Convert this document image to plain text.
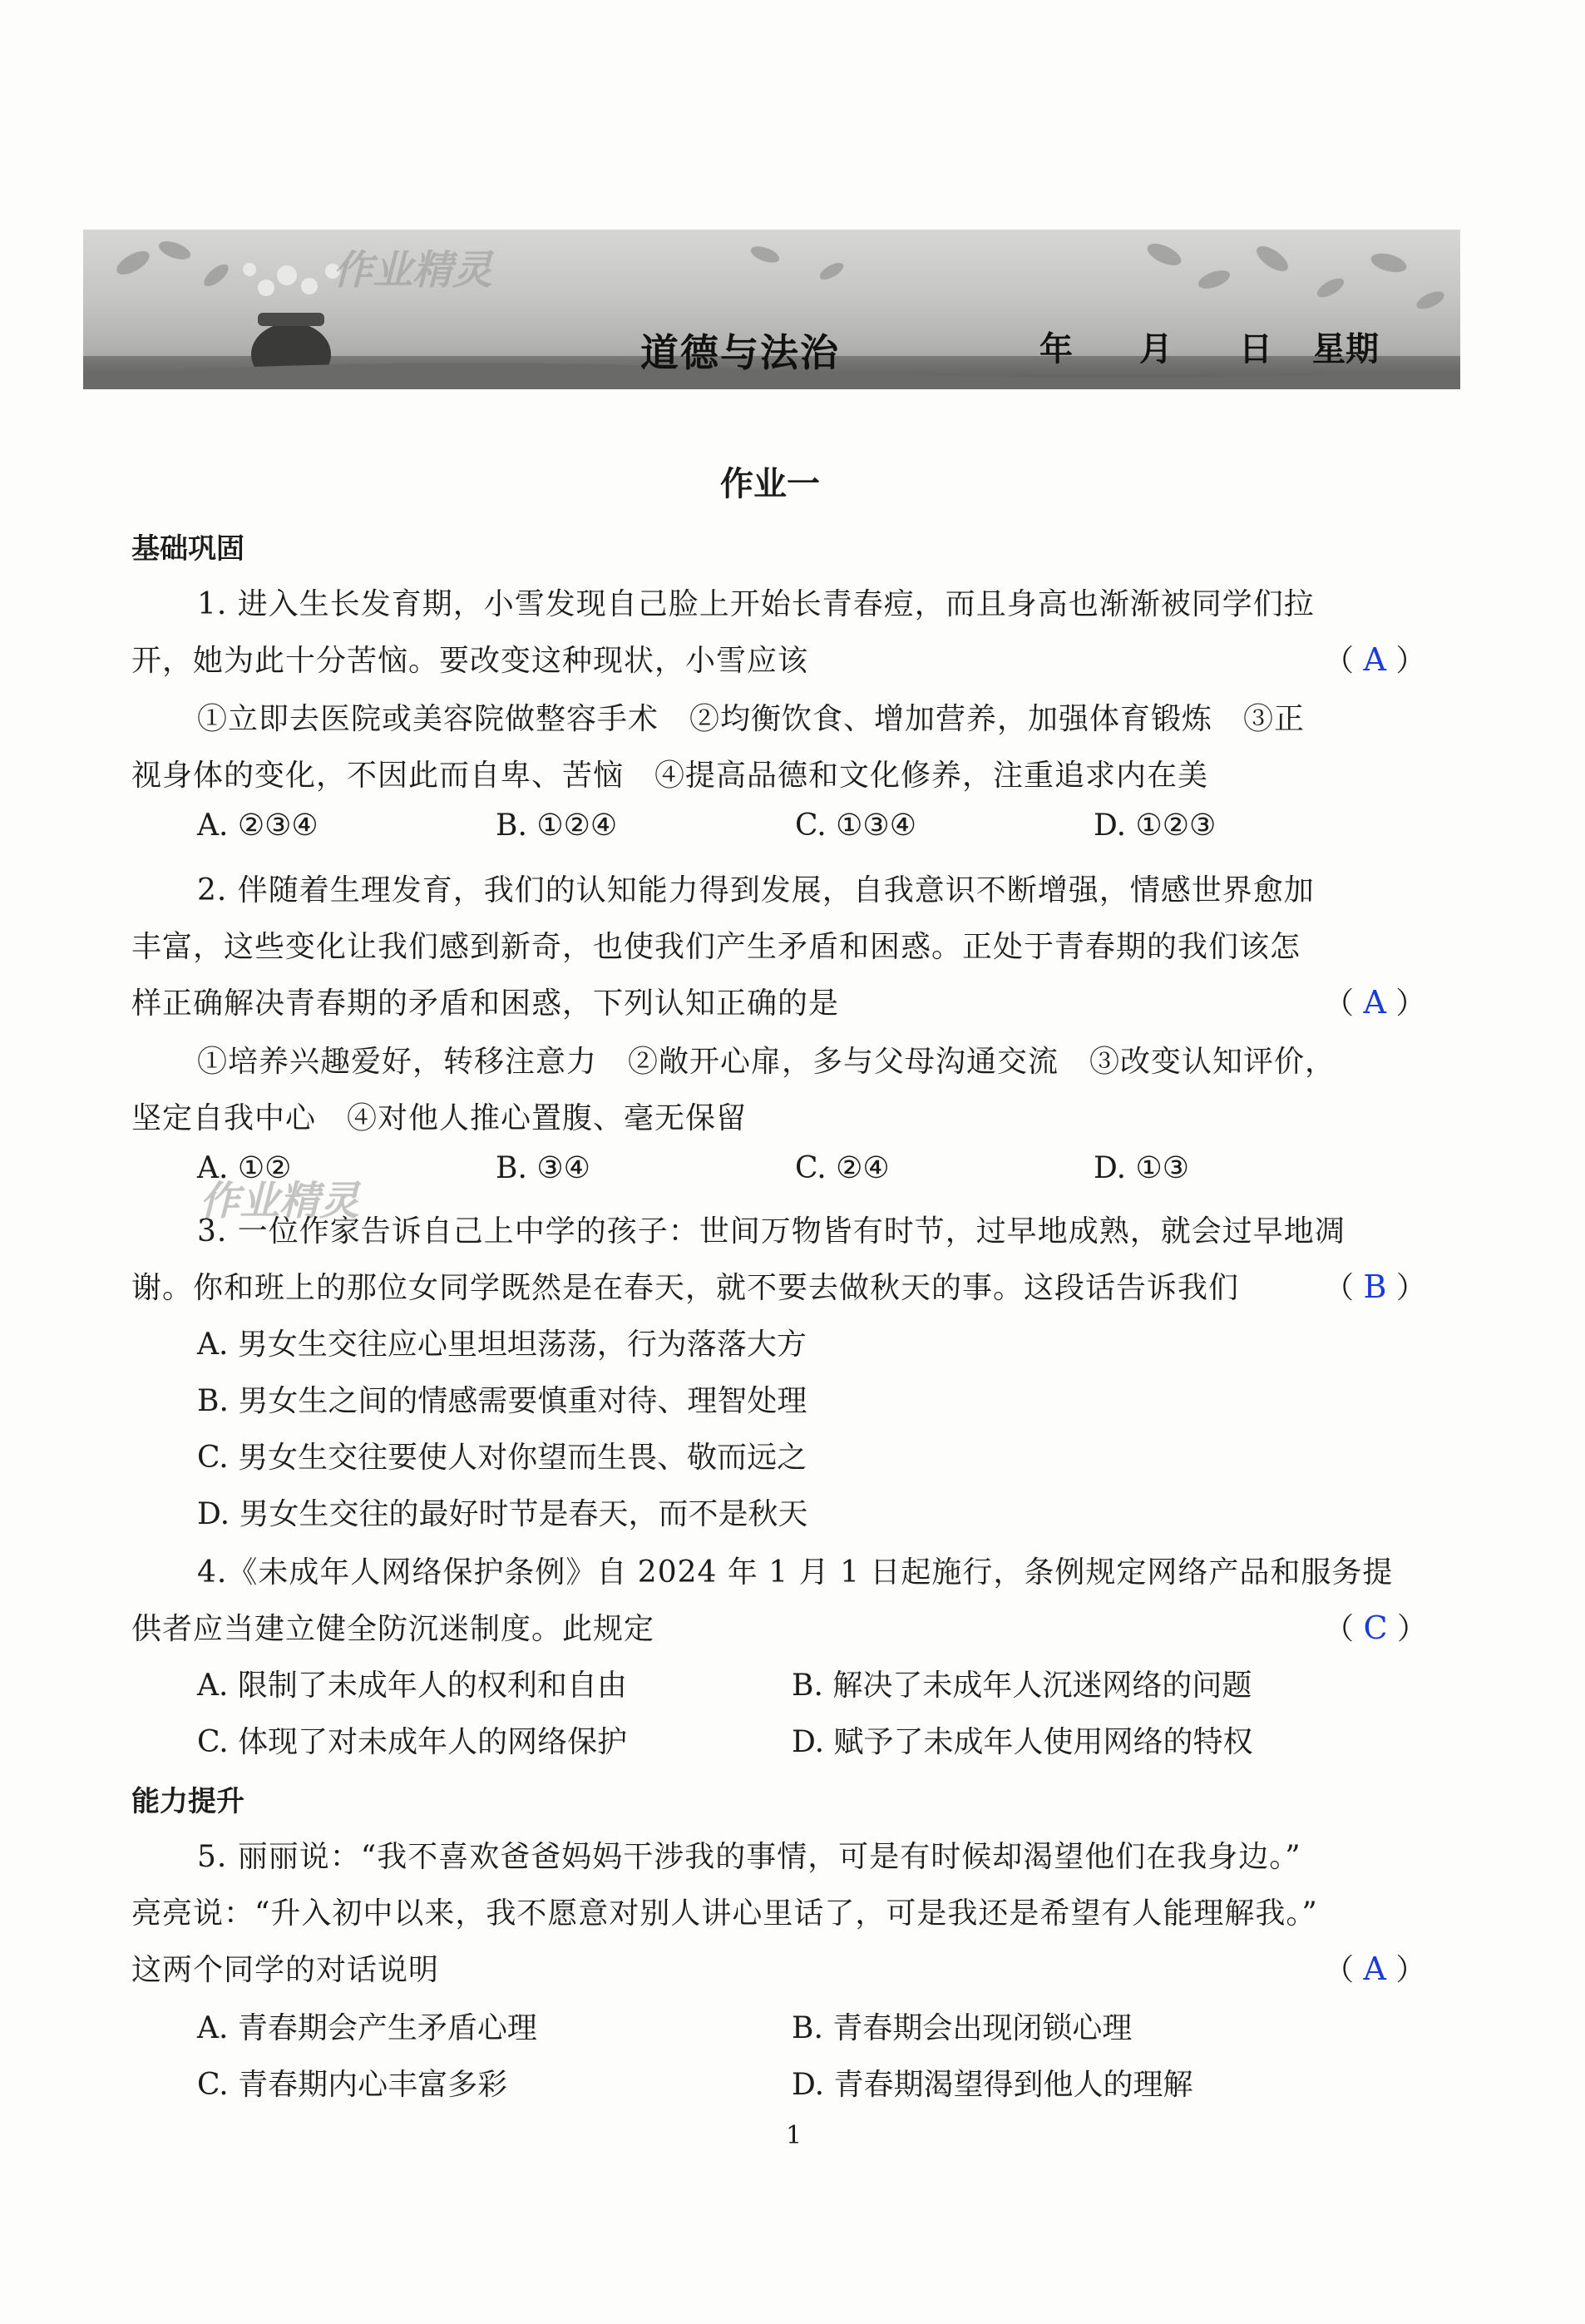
作业精灵
道德与法治	年 月 日 星期
作业一
基础巩固
1. 进入生长发育期，小雪发现自己脸上开始长青春痘，而且身高也渐渐被同学们拉
开，她为此十分苦恼。要改变这种现状，小雪应该	（ A ）
①立即去医院或美容院做整容手术　②均衡饮食、增加营养，加强体育锻炼　③正
视身体的变化，不因此而自卑、苦恼　④提高品德和文化修养，注重追求内在美
A. ②③④	B. ①②④	C. ①③④	D. ①②③
2. 伴随着生理发育，我们的认知能力得到发展，自我意识不断增强，情感世界愈加
丰富，这些变化让我们感到新奇，也使我们产生矛盾和困惑。正处于青春期的我们该怎
样正确解决青春期的矛盾和困惑，下列认知正确的是	（ A ）
①培养兴趣爱好，转移注意力　②敞开心扉，多与父母沟通交流　③改变认知评价，
坚定自我中心　④对他人推心置腹、毫无保留
A. ①②	B. ③④	C. ②④	D. ①③
作业精灵
3. 一位作家告诉自己上中学的孩子：世间万物皆有时节，过早地成熟，就会过早地凋
谢。你和班上的那位女同学既然是在春天，就不要去做秋天的事。这段话告诉我们	（ B ）
A. 男女生交往应心里坦坦荡荡，行为落落大方
B. 男女生之间的情感需要慎重对待、理智处理
C. 男女生交往要使人对你望而生畏、敬而远之
D. 男女生交往的最好时节是春天，而不是秋天
4.《未成年人网络保护条例》自 2024 年 1 月 1 日起施行，条例规定网络产品和服务提
供者应当建立健全防沉迷制度。此规定	（ C ）
A. 限制了未成年人的权利和自由	B. 解决了未成年人沉迷网络的问题
C. 体现了对未成年人的网络保护	D. 赋予了未成年人使用网络的特权
能力提升
5. 丽丽说：“我不喜欢爸爸妈妈干涉我的事情，可是有时候却渴望他们在我身边。”
亮亮说：“升入初中以来，我不愿意对别人讲心里话了，可是我还是希望有人能理解我。”
这两个同学的对话说明	（ A ）
A. 青春期会产生矛盾心理	B. 青春期会出现闭锁心理
C. 青春期内心丰富多彩	D. 青春期渴望得到他人的理解
1
